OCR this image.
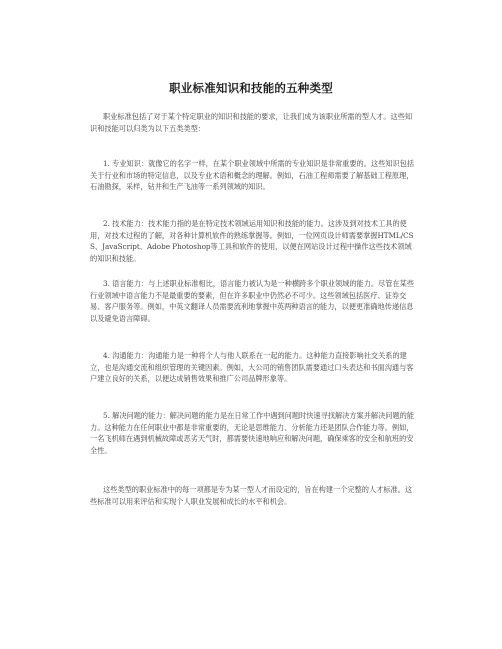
职业标准知识和技能的五种类型

职业标准包括了对于某个特定职业的知识和技能的要求，让我们成为该职业所需的型人才。这些知识和技能可以归类为以下五类类型：

1. 专业知识：就像它的名字一样，在某个职业领域中所需的专业知识是非常重要的。这些知识包括关于行业和市场的特定信息，以及专业术语和概念的理解。例如，石油工程师需要了解基础工程原理，石油勘探，采样，钻井和生产飞油等一系列领域的知识。

2. 技术能力：技术能力指的是在特定技术领域运用知识和技能的能力。这涉及到对技术工具的使用，对技术过程的了解，对各种计算机软件的熟练掌握等。例如，一位网页设计师需要掌握HTML/CSS、JavaScript、Adobe Photoshop等工具和软件的使用，以便在网站设计过程中操作这些技术领域的知识和技能。

3. 语言能力：与上述职业标准相比，语言能力被认为是一种横跨多个职业领域的能力。尽管在某些行业领域中语言能力不是最重要的要素，但在许多职业中仍然必不可少。这些领域包括医疗、证券交易、客户服务等。例如，中英文翻译人员需要流利地掌握中英两种语言的能力，以便更准确地传递信息以及避免语言障碍。

4. 沟通能力：沟通能力是一种将个人与他人联系在一起的能力。这种能力直接影响社交关系的建立，也是沟通交流和组织管理的关键因素。例如，大公司的销售团队需要通过口头表达和书面沟通与客户建立良好的关系，以便达成销售效果和推广公司品牌形象等。

5. 解决问题的能力：解决问题的能力是在日常工作中遇到问题时快速寻找解决方案并解决问题的能力。这种能力在任何职业中都是非常重要的，无论是思维能力、分析能力还是团队合作能力等。例如，一名飞机师在遇到机械故障或恶劣天气时，都需要快速地响应和解决问题，确保乘客的安全和航班的安全性。

这些类型的职业标准中的每一项都是专为某一型人才而设定的，旨在构建一个完整的人才标准。这些标准可以用来评估和实现个人职业发展和成长的水平和机会。
